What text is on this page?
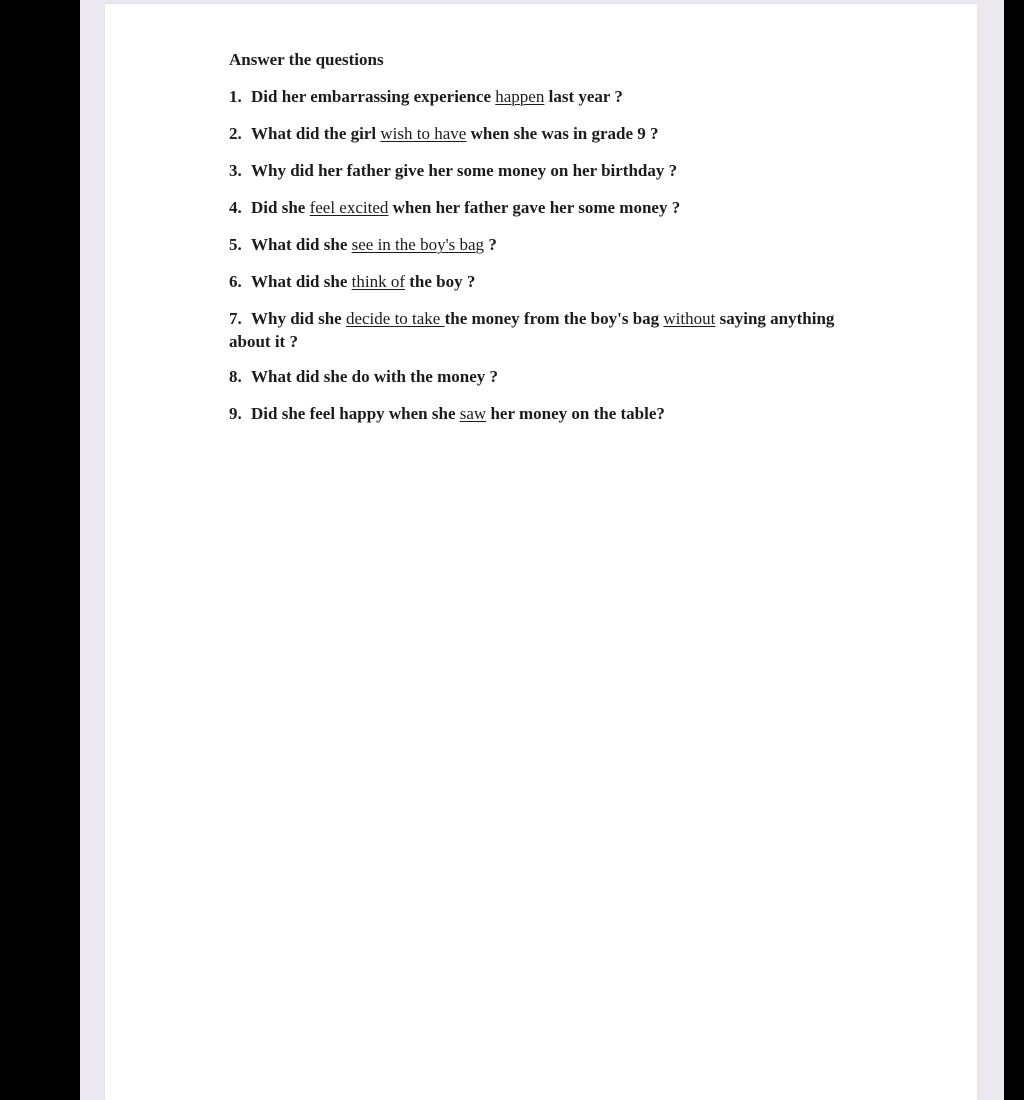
Answer the questions
1. Did her embarrassing experience happen last year ?
2. What did the girl wish to have when she was in grade 9 ?
3. Why did her father give her some money on her birthday ?
4. Did she feel excited when her father gave her some money ?
5. What did she see in the boy's bag ?
6. What did she think of the boy ?
7. Why did she decide to take the money from the boy's bag without saying anything about it ?
8. What did she do with the money ?
9. Did she feel happy when she saw her money on the table?
